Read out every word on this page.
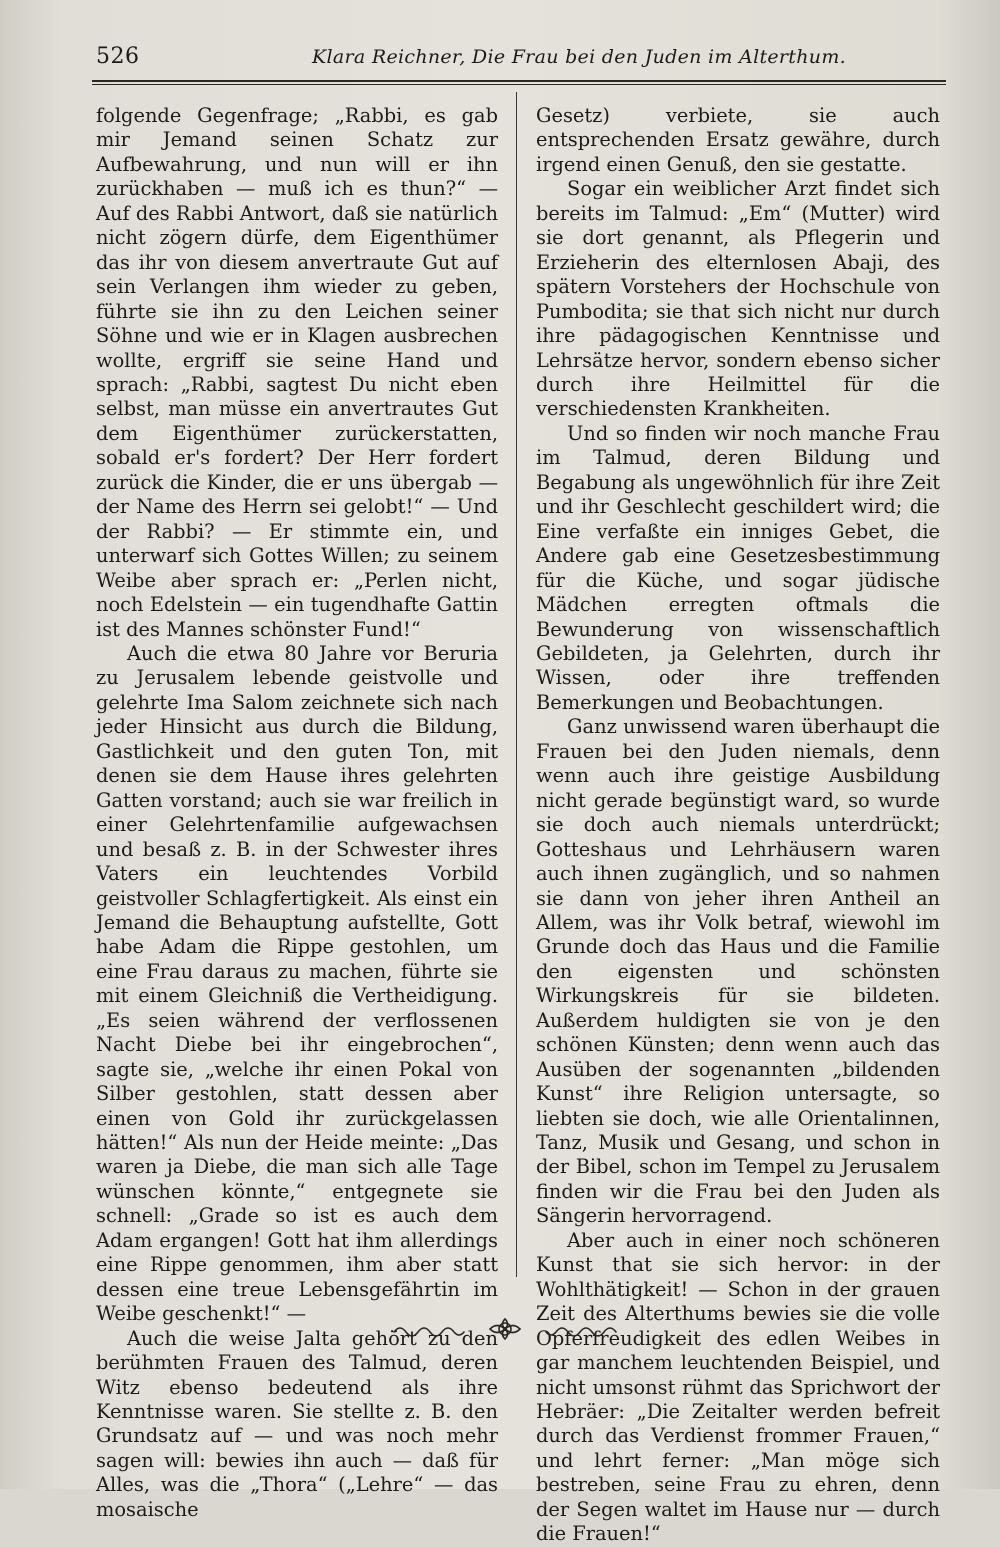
526	Klara Reichner, Die Frau bei den Juden im Alterthum.

folgende Gegenfrage; „Rabbi, es gab mir Jemand seinen Schatz zur Aufbewahrung, und nun will er ihn zurückhaben — muß ich es thun?“ — Auf des Rabbi Antwort, daß sie natürlich nicht zögern dürfe, dem Eigenthümer das ihr von diesem anvertraute Gut auf sein Verlangen ihm wieder zu geben, führte sie ihn zu den Leichen seiner Söhne und wie er in Klagen ausbrechen wollte, ergriff sie seine Hand und sprach: „Rabbi, sagtest Du nicht eben selbst, man müsse ein anvertrautes Gut dem Eigenthümer zurückerstatten, sobald er's fordert? Der Herr fordert zurück die Kinder, die er uns übergab — der Name des Herrn sei gelobt!“ — Und der Rabbi? — Er stimmte ein, und unterwarf sich Gottes Willen; zu seinem Weibe aber sprach er: „Perlen nicht, noch Edelstein — ein tugendhafte Gattin ist des Mannes schönster Fund!“

Auch die etwa 80 Jahre vor Beruria zu Jerusalem lebende geistvolle und gelehrte Ima Salom zeichnete sich nach jeder Hinsicht aus durch die Bildung, Gastlichkeit und den guten Ton, mit denen sie dem Hause ihres gelehrten Gatten vorstand; auch sie war freilich in einer Gelehrtenfamilie aufgewachsen und besaß z. B. in der Schwester ihres Vaters ein leuchtendes Vorbild geistvoller Schlagfertigkeit. Als einst ein Jemand die Behauptung aufstellte, Gott habe Adam die Rippe gestohlen, um eine Frau daraus zu machen, führte sie mit einem Gleichniß die Vertheidigung. „Es seien während der verflossenen Nacht Diebe bei ihr eingebrochen“, sagte sie, „welche ihr einen Pokal von Silber gestohlen, statt dessen aber einen von Gold ihr zurückgelassen hätten!“ Als nun der Heide meinte: „Das waren ja Diebe, die man sich alle Tage wünschen könnte,“ entgegnete sie schnell: „Grade so ist es auch dem Adam ergangen! Gott hat ihm allerdings eine Rippe genommen, ihm aber statt dessen eine treue Lebensgefährtin im Weibe geschenkt!“ —

Auch die weise Jalta gehört zu den berühmten Frauen des Talmud, deren Witz ebenso bedeutend als ihre Kenntnisse waren. Sie stellte z. B. den Grundsatz auf — und was noch mehr sagen will: bewies ihn auch — daß für Alles, was die „Thora“ („Lehre“ — das mosaische

Gesetz) verbiete, sie auch entsprechenden Ersatz gewähre, durch irgend einen Genuß, den sie gestatte.

Sogar ein weiblicher Arzt findet sich bereits im Talmud: „Em“ (Mutter) wird sie dort genannt, als Pflegerin und Erzieherin des elternlosen Abaji, des spätern Vorstehers der Hochschule von Pumbodita; sie that sich nicht nur durch ihre pädagogischen Kenntnisse und Lehrsätze hervor, sondern ebenso sicher durch ihre Heilmittel für die verschiedensten Krankheiten.

Und so finden wir noch manche Frau im Talmud, deren Bildung und Begabung als ungewöhnlich für ihre Zeit und ihr Geschlecht geschildert wird; die Eine verfaßte ein inniges Gebet, die Andere gab eine Gesetzesbestimmung für die Küche, und sogar jüdische Mädchen erregten oftmals die Bewunderung von wissenschaftlich Gebildeten, ja Gelehrten, durch ihr Wissen, oder ihre treffenden Bemerkungen und Beobachtungen.

Ganz unwissend waren überhaupt die Frauen bei den Juden niemals, denn wenn auch ihre geistige Ausbildung nicht gerade begünstigt ward, so wurde sie doch auch niemals unterdrückt; Gotteshaus und Lehrhäusern waren auch ihnen zugänglich, und so nahmen sie dann von jeher ihren Antheil an Allem, was ihr Volk betraf, wiewohl im Grunde doch das Haus und die Familie den eigensten und schönsten Wirkungskreis für sie bildeten. Außerdem huldigten sie von je den schönen Künsten; denn wenn auch das Ausüben der sogenannten „bildenden Kunst“ ihre Religion untersagte, so liebten sie doch, wie alle Orientalinnen, Tanz, Musik und Gesang, und schon in der Bibel, schon im Tempel zu Jerusalem finden wir die Frau bei den Juden als Sängerin hervorragend.

Aber auch in einer noch schöneren Kunst that sie sich hervor: in der Wohlthätigkeit! — Schon in der grauen Zeit des Alterthums bewies sie die volle Opferfreudigkeit des edlen Weibes in gar manchem leuchtenden Beispiel, und nicht umsonst rühmt das Sprichwort der Hebräer: „Die Zeitalter werden befreit durch das Verdienst frommer Frauen,“ und lehrt ferner: „Man möge sich bestreben, seine Frau zu ehren, denn der Segen waltet im Hause nur — durch die Frauen!“
